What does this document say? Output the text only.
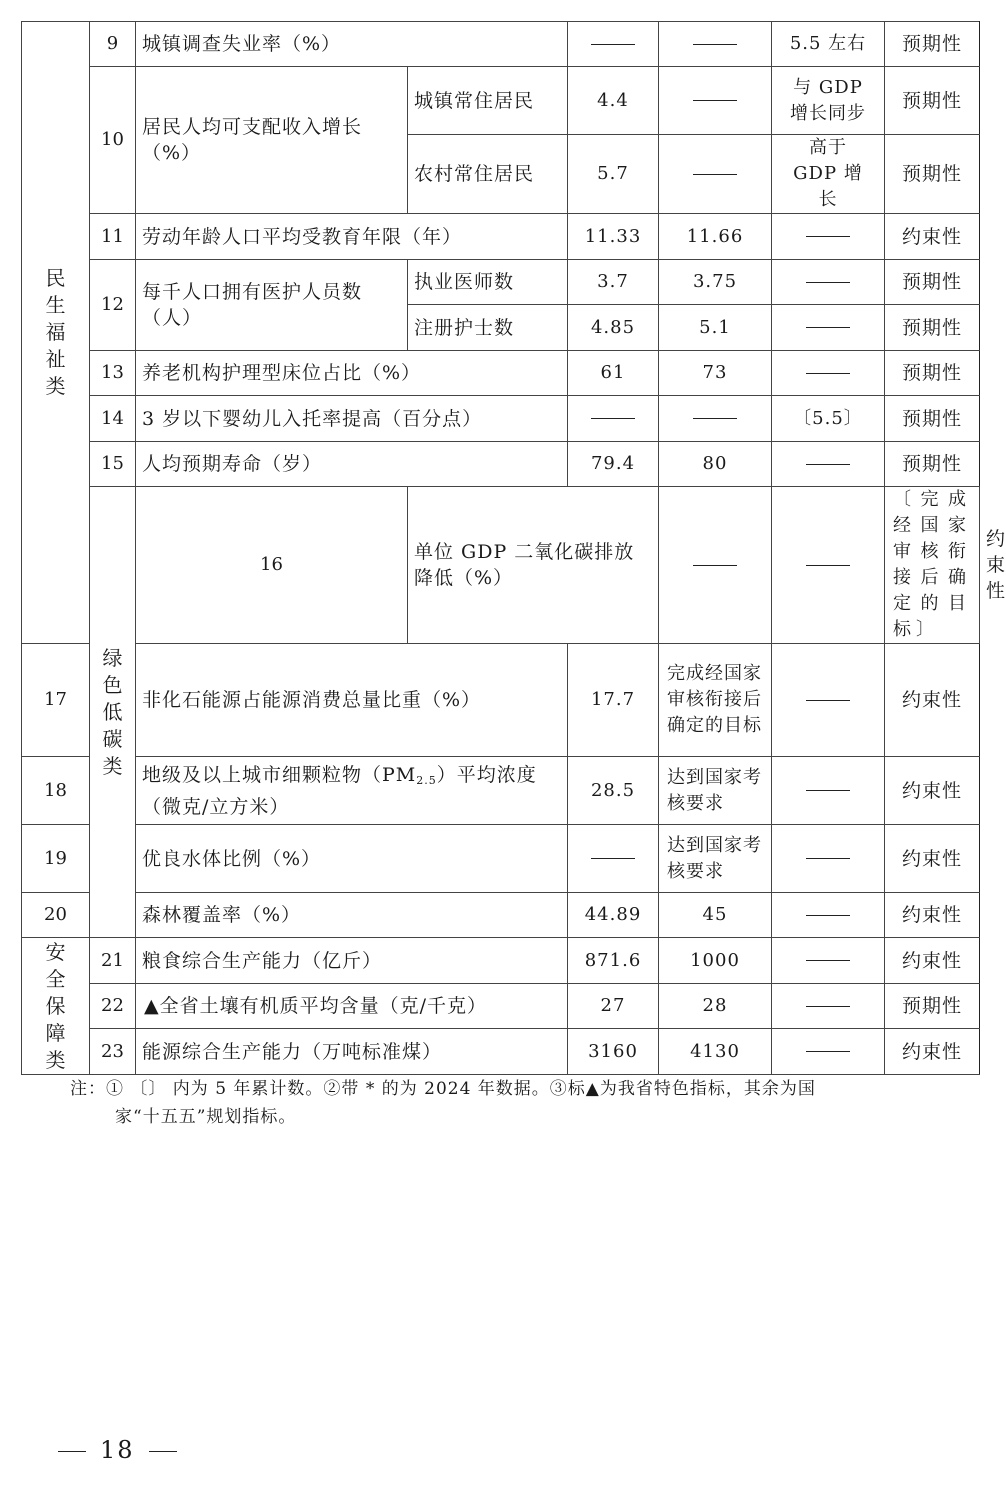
民生福祉类	9	城镇调查失业率（%）				5.5 左右	预期性	
	10	居民人均可支配收入增长（%）	城镇常住居民	4.4		与 GDP 增长同步	预期性	
			农村常住居民	5.7		高于 GDP 增长	预期性	
	11	劳动年龄人口平均受教育年限（年）		11.33	11.66		约束性	
	12	每千人口拥有医护人员数（人）	执业医师数	3.7	3.75		预期性	
			注册护士数	4.85	5.1		预期性	
	13	养老机构护理型床位占比（%）		61	73		预期性	
	14	3 岁以下婴幼儿入托率提高（百分点）				〔5.5〕	预期性	
	15	人均预期寿命（岁）		79.4	80		预期性	
	绿色低碳类	16	单位 GDP 二氧化碳排放降低（%）				〔完成经国家审核衔接后确定的目标〕	约束性
17		非化石能源占能源消费总量比重（%）		17.7	完成经国家审核衔接后确定的目标		约束性	
18		地级及以上城市细颗粒物$(PM_{2.5})$平均浓度（微克/立方米）		28.5	达到国家考核要求		约束性	
19		优良水体比例（%）			达到国家考核要求		约束性	
20		森林覆盖率（%）		44.89	45		约束性	
安全保障类	21	粮食综合生产能力（亿斤）		871.6	1000		约束性	
	22	▲全省土壤有机质平均含量（克/千克）		27	28		预期性	
	23	能源综合生产能力（万吨标准煤）		3160	4130		约束性	
注：① 〔〕 内为 5 年累计数。②带 * 的为 2024 年数据。③标▲为我省特色指标，其余为国
家“十五五”规划指标。
18
